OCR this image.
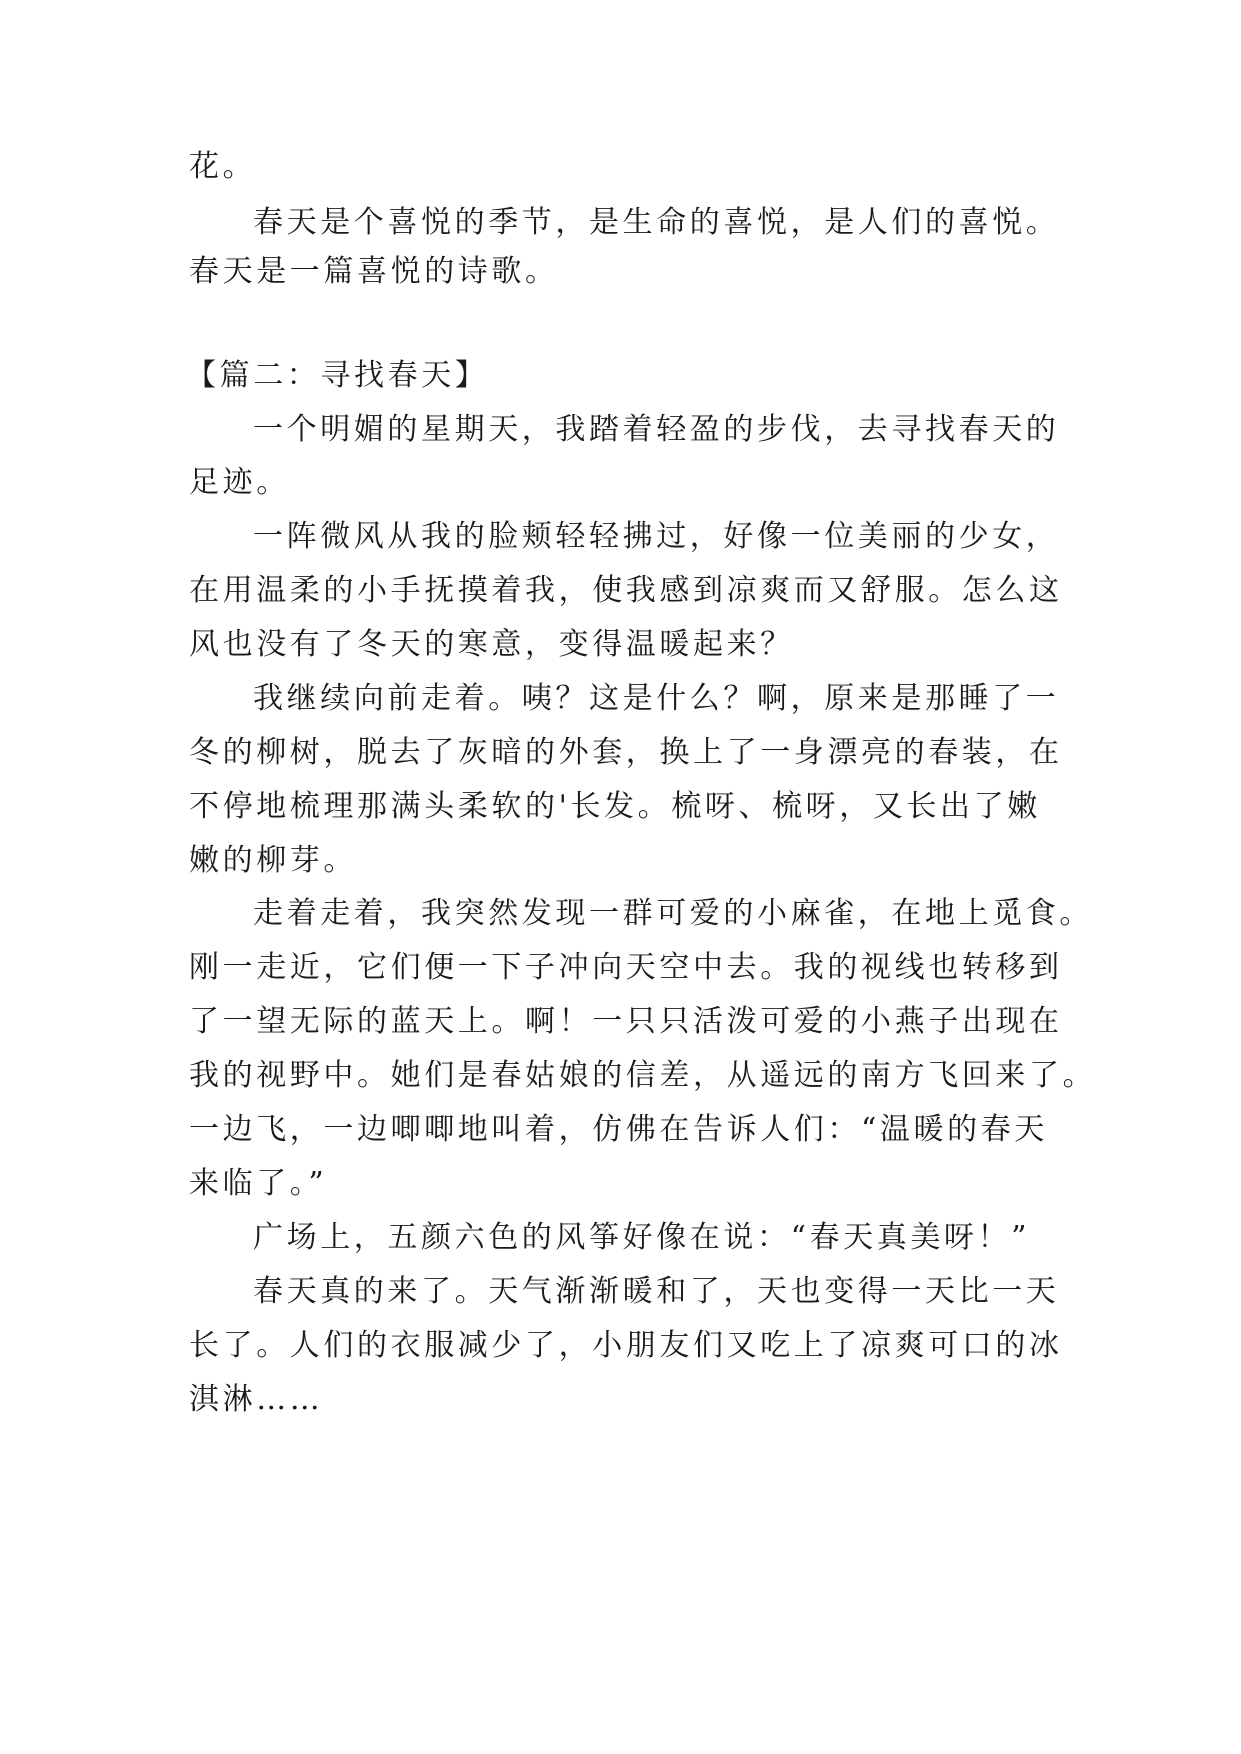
花。
春天是个喜悦的季节，是生命的喜悦，是人们的喜悦。
春天是一篇喜悦的诗歌。
【篇二：寻找春天】
一个明媚的星期天，我踏着轻盈的步伐，去寻找春天的
足迹。
一阵微风从我的脸颊轻轻拂过，好像一位美丽的少女，
在用温柔的小手抚摸着我，使我感到凉爽而又舒服。怎么这
风也没有了冬天的寒意，变得温暖起来？
我继续向前走着。咦？这是什么？啊，原来是那睡了一
冬的柳树，脱去了灰暗的外套，换上了一身漂亮的春装，在
不停地梳理那满头柔软的'长发。梳呀、梳呀，又长出了嫩
嫩的柳芽。
走着走着，我突然发现一群可爱的小麻雀，在地上觅食。
刚一走近，它们便一下子冲向天空中去。我的视线也转移到
了一望无际的蓝天上。啊！一只只活泼可爱的小燕子出现在
我的视野中。她们是春姑娘的信差，从遥远的南方飞回来了。
一边飞，一边唧唧地叫着，仿佛在告诉人们：“温暖的春天
来临了。”
广场上，五颜六色的风筝好像在说：“春天真美呀！”
春天真的来了。天气渐渐暖和了，天也变得一天比一天
长了。人们的衣服减少了，小朋友们又吃上了凉爽可口的冰
淇淋……
